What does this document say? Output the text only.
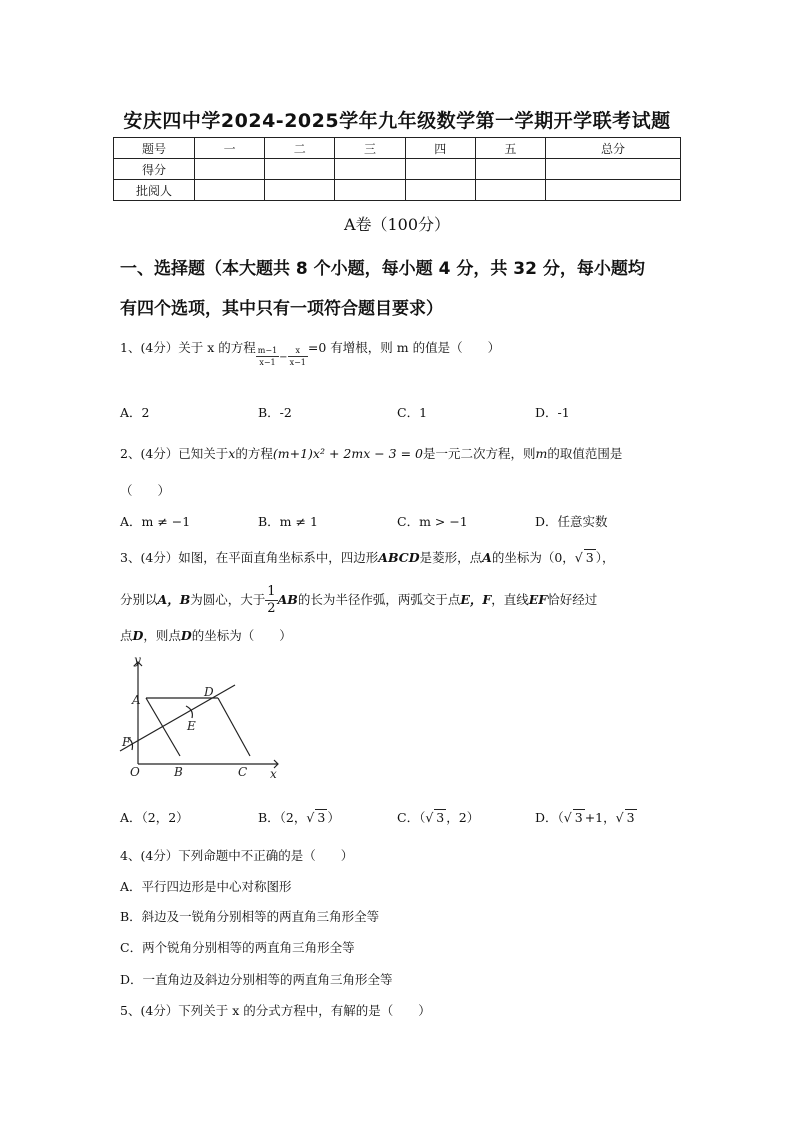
安庆四中学2024-2025学年九年级数学第一学期开学联考试题
题号	一	二	三	四	五	总分
得分						
批阅人						
A卷（100分）
一、选择题（本大题共 8 个小题，每小题 4 分，共 32 分，每小题均
有四个选项，其中只有一项符合题目要求）
1、(4分）关于 x 的方程 $\frac{m-1}{x-1} _- \frac{x}{x-1} =0$ 有增根，则 m 的值是（　　）
A．2	B．-2	C．1	D．-1
2、(4分）已知关于x的方程(m+1)x² + 2mx − 3 = 0是一元二次方程，则m的取值范围是
（　　）
A．m ≠ −1	B．m ≠ 1	C．m > −1	D．任意实数
3、(4分）如图，在平面直角坐标系中，四边形ABCD是菱形，点A的坐标为（0，√ 3 ），
分别以A，B为圆心，大于 $\frac{1}{2}AB$的长为半径作弧，两弧交于点E，F，直线EF恰好经过
点D，则点D的坐标为（　　）
y
x
A
D
E
F
O	B	C
A．（2，2）	B．（2，√ 3 ）	C．（√ 3 ，2）	D．（√ 3 +1，√ 3
4、(4分）下列命题中不正确的是（　　）
A．平行四边形是中心对称图形
B．斜边及一锐角分别相等的两直角三角形全等
C．两个锐角分别相等的两直角三角形全等
D．一直角边及斜边分别相等的两直角三角形全等
5、(4分）下列关于 x 的分式方程中，有解的是（　　）
